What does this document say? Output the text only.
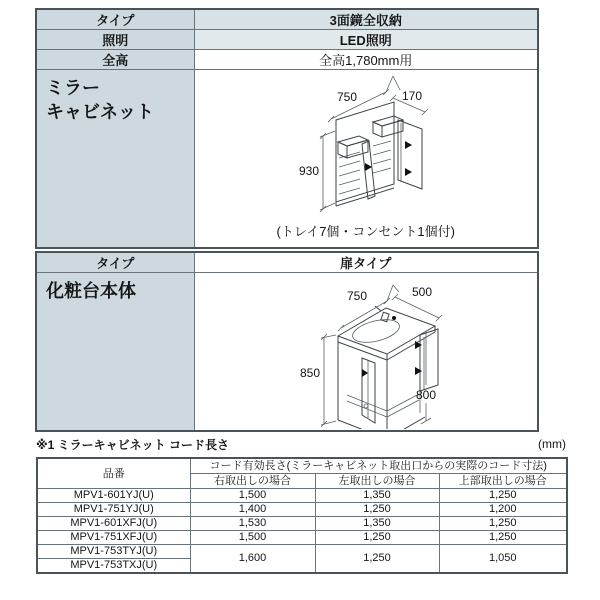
タイプ	3面鏡全収納
照明	LED照明
全高	全高1,780mm用

ミラー
キャビネット

750	170
930
(トレイ7個・コンセント1個付)
タイプ	扉タイプ

化粧台本体	750 500
850
800
※1 ミラーキャビネット コード長さ	(mm)
品番	コード有効長さ(ミラーキャビネット取出口からの実際のコード寸法)		
	右取出しの場合	左取出しの場合	上部取出しの場合
MPV1-601YJ(U)	1,500	1,350	1,250
MPV1-751YJ(U)	1,400	1,250	1,200
MPV1-601XFJ(U)	1,530	1,350	1,250
MPV1-751XFJ(U)	1,500	1,250	1,250
MPV1-753TYJ(U)	1,600	1,250	1,050
MPV1-753TXJ(U)			
